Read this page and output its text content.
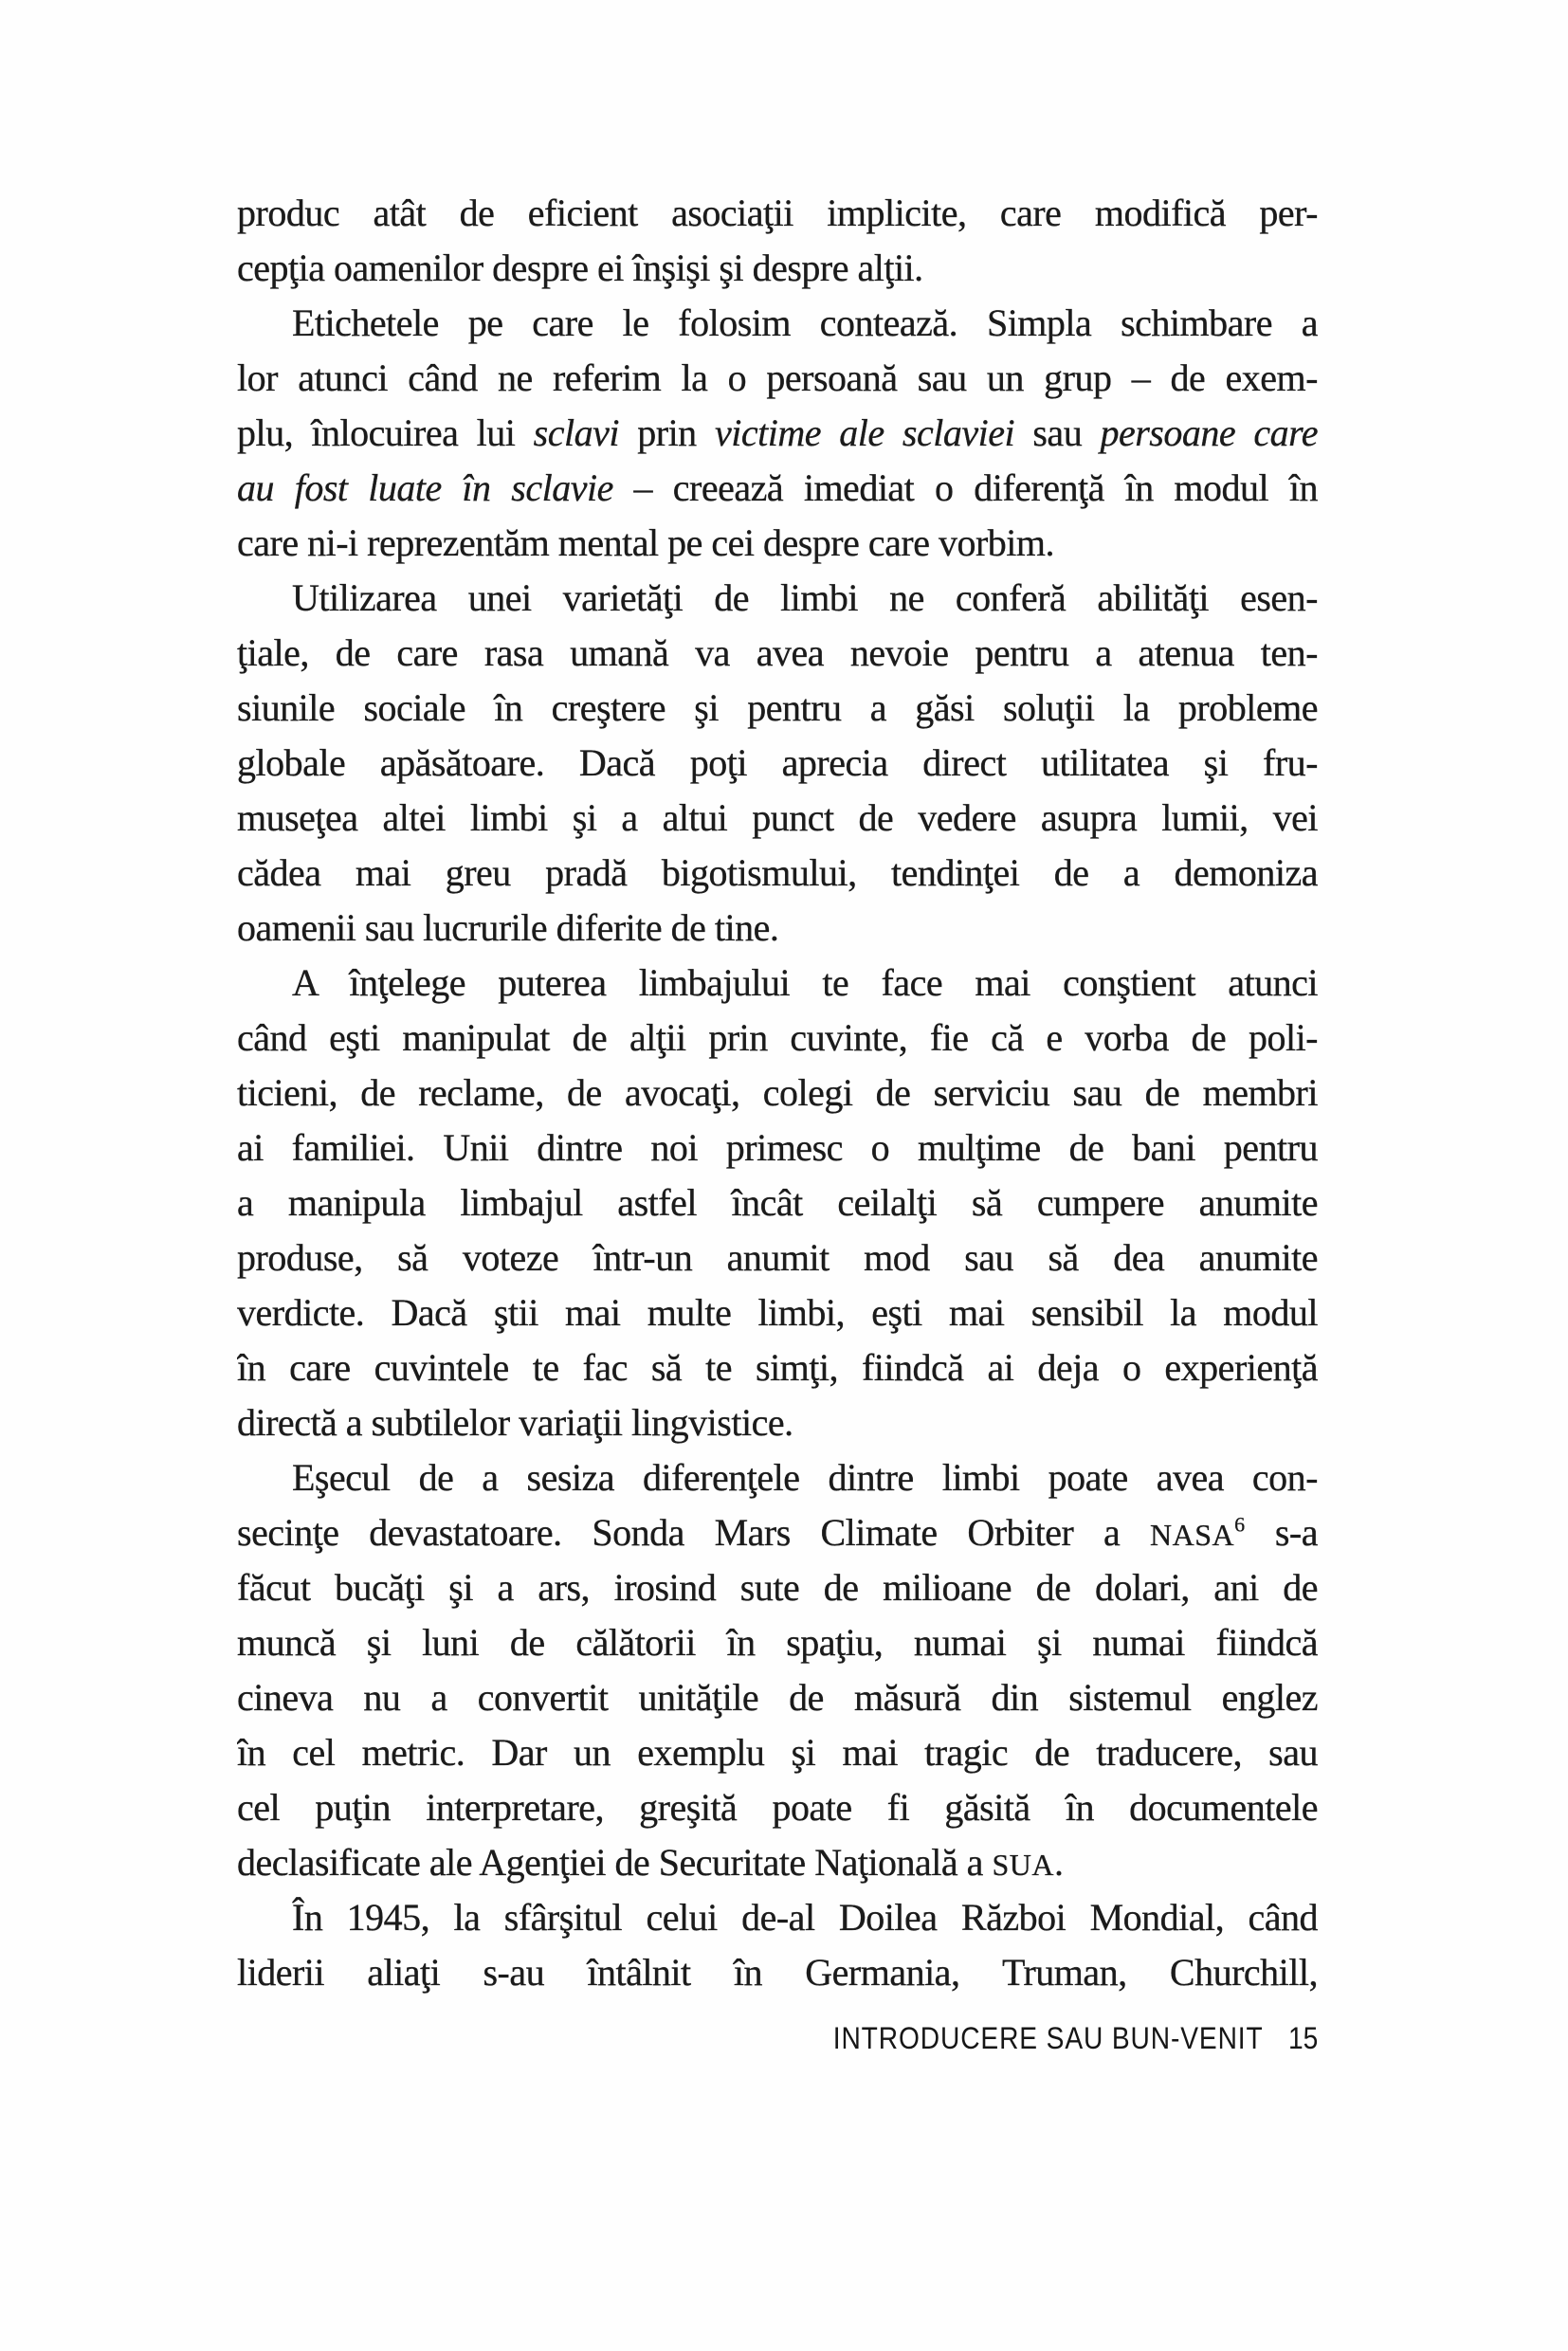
produc atât de eficient asociaţii implicite, care modifică per-
cepţia oamenilor despre ei înşişi şi despre alţii.
Etichetele pe care le folosim contează. Simpla schimbare a
lor atunci când ne referim la o persoană sau un grup – de exem-
plu, înlocuirea lui sclavi prin victime ale sclaviei sau persoane care
au fost luate în sclavie – creează imediat o diferenţă în modul în
care ni-i reprezentăm mental pe cei despre care vorbim.
Utilizarea unei varietăţi de limbi ne conferă abilităţi esen-
ţiale, de care rasa umană va avea nevoie pentru a atenua ten-
siunile sociale în creştere şi pentru a găsi soluţii la probleme
globale apăsătoare. Dacă poţi aprecia direct utilitatea şi fru-
museţea altei limbi şi a altui punct de vedere asupra lumii, vei
cădea mai greu pradă bigotismului, tendinţei de a demoniza
oamenii sau lucrurile diferite de tine.
A înţelege puterea limbajului te face mai conştient atunci
când eşti manipulat de alţii prin cuvinte, fie că e vorba de poli-
ticieni, de reclame, de avocaţi, colegi de serviciu sau de membri
ai familiei. Unii dintre noi primesc o mulţime de bani pentru
a manipula limbajul astfel încât ceilalţi să cumpere anumite
produse, să voteze într-un anumit mod sau să dea anumite
verdicte. Dacă ştii mai multe limbi, eşti mai sensibil la modul
în care cuvintele te fac să te simţi, fiindcă ai deja o experienţă
directă a subtilelor variaţii lingvistice.
Eşecul de a sesiza diferenţele dintre limbi poate avea con-
secinţe devastatoare. Sonda Mars Climate Orbiter a NASA$^6$ s-a
făcut bucăţi şi a ars, irosind sute de milioane de dolari, ani de
muncă şi luni de călătorii în spaţiu, numai şi numai fiindcă
cineva nu a convertit unităţile de măsură din sistemul englez
în cel metric. Dar un exemplu şi mai tragic de traducere, sau
cel puţin interpretare, greşită poate fi găsită în documentele
declasificate ale Agenţiei de Securitate Naţională a SUA.
În 1945, la sfârşitul celui de-al Doilea Război Mondial, când
liderii aliaţi s-au întâlnit în Germania, Truman, Churchill,
INTRODUCERE SAU BUN-VENIT 15
